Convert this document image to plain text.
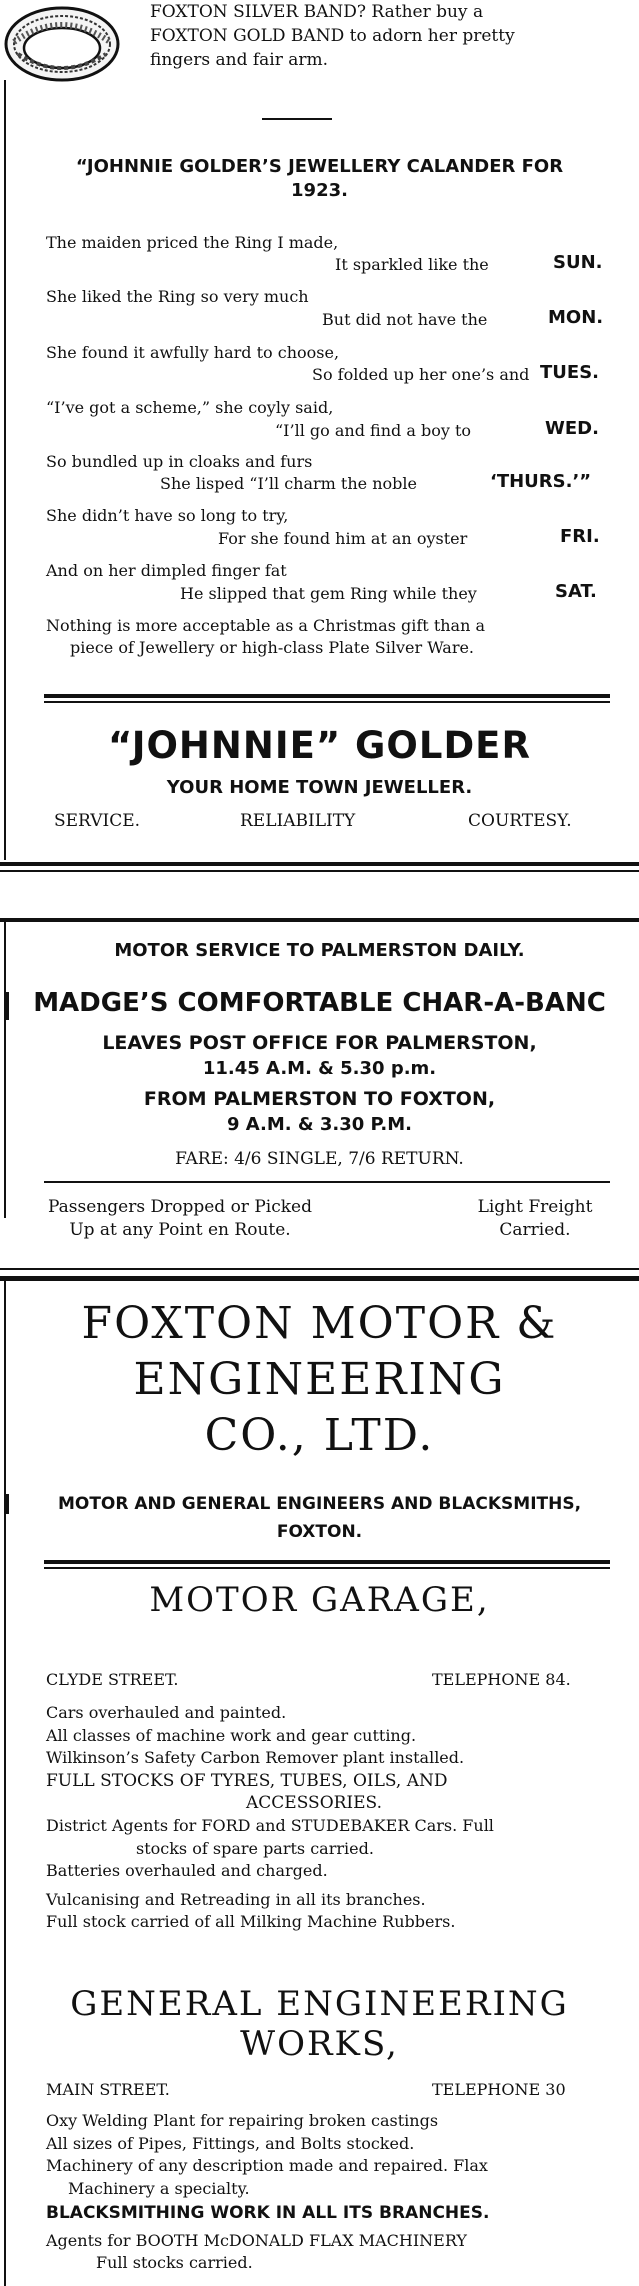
FOXTON SILVER BAND? Rather buy a
FOXTON GOLD BAND to adorn her pretty
fingers and fair arm.
“JOHNNIE GOLDER’S JEWELLERY CALANDER FOR
1923.
The maiden priced the Ring I made,
It sparkled like the	SUN.
She liked the Ring so very much
But did not have the	MON.
She found it awfully hard to choose,
So folded up her one’s and TUES.
“I’ve got a scheme,” she coyly said,
“I’ll go and find a boy to	WED.
So bundled up in cloaks and furs
She lisped “I’ll charm the noble	‘THURS.’”
She didn’t have so long to try,
For she found him at an oyster	FRI.
And on her dimpled finger fat
He slipped that gem Ring while they	SAT.
Nothing is more acceptable as a Christmas gift than a
piece of Jewellery or high-class Plate Silver Ware.
“JOHNNIE” GOLDER
YOUR HOME TOWN JEWELLER.
SERVICE.	RELIABILITY	COURTESY.
MOTOR SERVICE TO PALMERSTON DAILY.
MADGE’S COMFORTABLE CHAR-A-BANC
LEAVES POST OFFICE FOR PALMERSTON,
11.45 A.M. & 5.30 p.m.
FROM PALMERSTON TO FOXTON,
9 A.M. & 3.30 P.M.
FARE: 4/6 SINGLE, 7/6 RETURN.
Passengers Dropped or Picked
Up at any Point en Route.
Light Freight
Carried.
FOXTON MOTOR &
ENGINEERING
CO., LTD.
MOTOR AND GENERAL ENGINEERS AND BLACKSMITHS,
FOXTON.
MOTOR GARAGE,
CLYDE STREET.	TELEPHONE 84.
Cars overhauled and painted.
All classes of machine work and gear cutting.
Wilkinson’s Safety Carbon Remover plant installed.
FULL STOCKS OF TYRES, TUBES, OILS, AND
ACCESSORIES.
District Agents for FORD and STUDEBAKER Cars. Full
stocks of spare parts carried.
Batteries overhauled and charged.
Vulcanising and Retreading in all its branches.
Full stock carried of all Milking Machine Rubbers.
GENERAL ENGINEERING
WORKS,
MAIN STREET.	TELEPHONE 30
Oxy Welding Plant for repairing broken castings
All sizes of Pipes, Fittings, and Bolts stocked.
Machinery of any description made and repaired. Flax
Machinery a specialty.
BLACKSMITHING WORK IN ALL ITS BRANCHES.
Agents for BOOTH McDONALD FLAX MACHINERY
Full stocks carried.
